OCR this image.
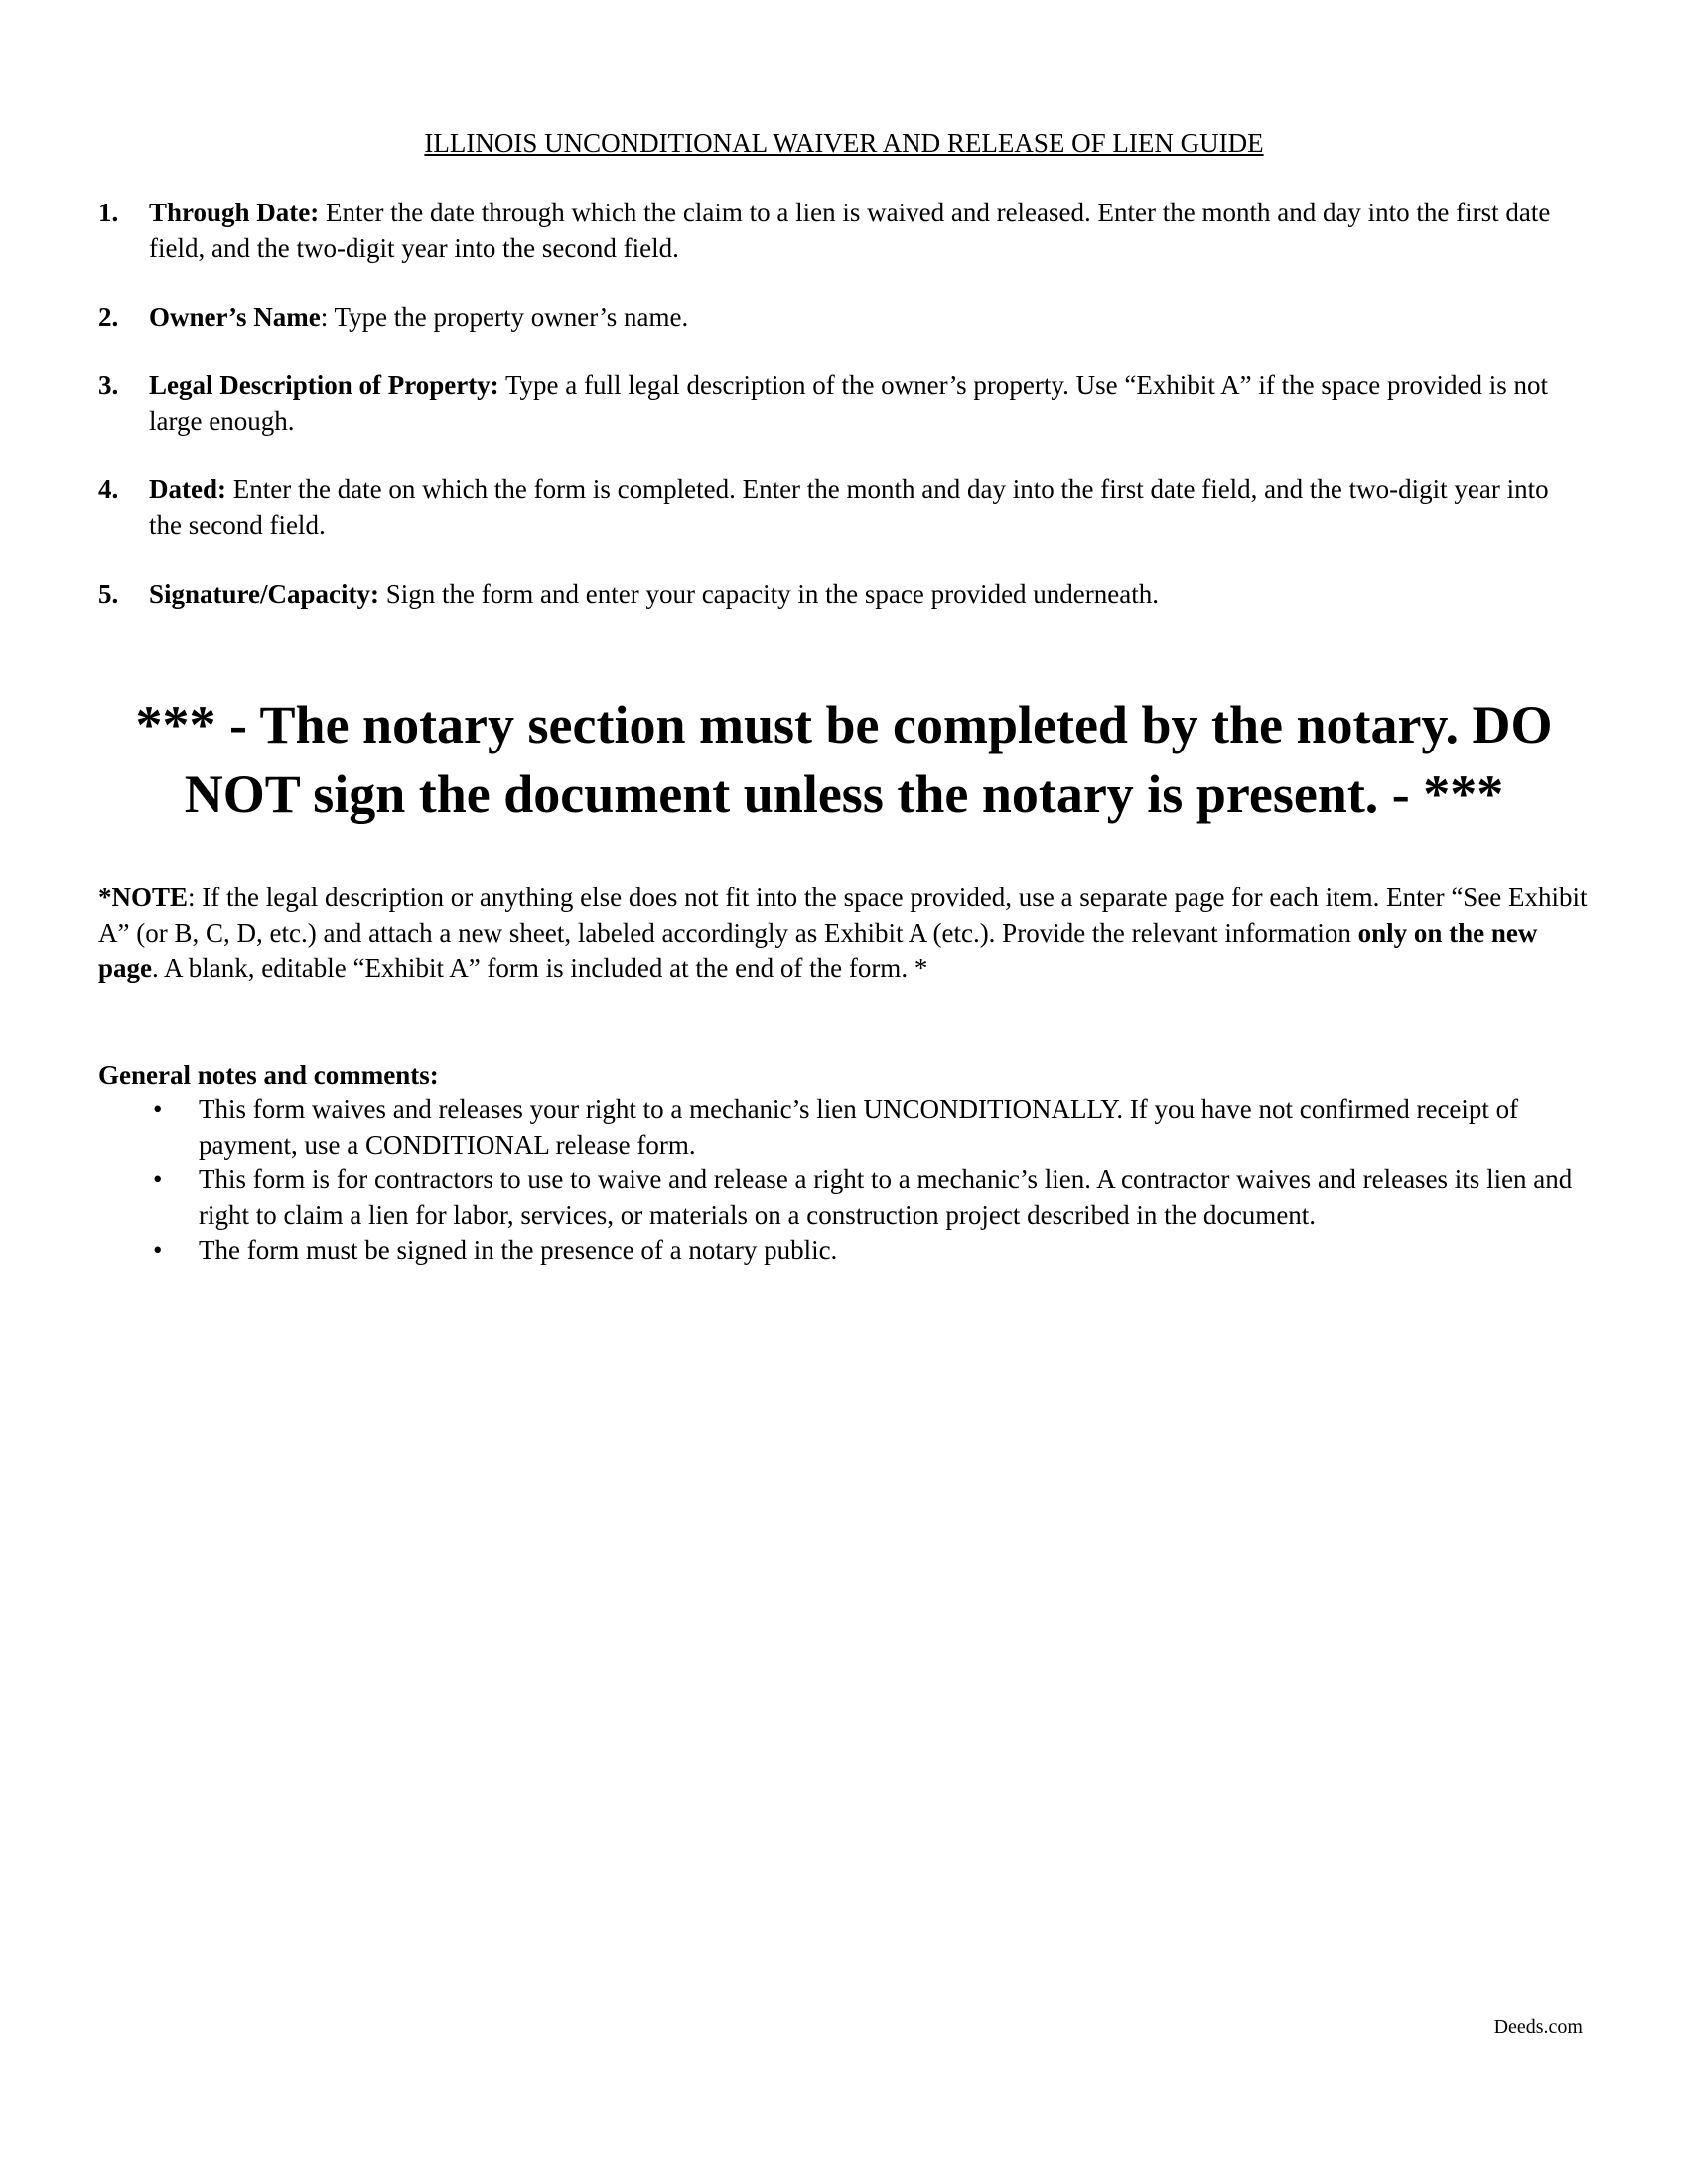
ILLINOIS UNCONDITIONAL WAIVER AND RELEASE OF LIEN GUIDE
1. Through Date: Enter the date through which the claim to a lien is waived and released. Enter the month and day into the first date field, and the two-digit year into the second field.
2. Owner’s Name: Type the property owner’s name.
3. Legal Description of Property: Type a full legal description of the owner’s property. Use “Exhibit A” if the space provided is not large enough.
4. Dated: Enter the date on which the form is completed. Enter the month and day into the first date field, and the two-digit year into the second field.
5. Signature/Capacity: Sign the form and enter your capacity in the space provided underneath.
*** - The notary section must be completed by the notary. DO NOT sign the document unless the notary is present. - ***
*NOTE: If the legal description or anything else does not fit into the space provided, use a separate page for each item. Enter “See Exhibit A” (or B, C, D, etc.) and attach a new sheet, labeled accordingly as Exhibit A (etc.). Provide the relevant information only on the new page. A blank, editable “Exhibit A” form is included at the end of the form. *
General notes and comments:
• This form waives and releases your right to a mechanic’s lien UNCONDITIONALLY. If you have not confirmed receipt of payment, use a CONDITIONAL release form.
• This form is for contractors to use to waive and release a right to a mechanic’s lien. A contractor waives and releases its lien and right to claim a lien for labor, services, or materials on a construction project described in the document.
• The form must be signed in the presence of a notary public.
Deeds.com
